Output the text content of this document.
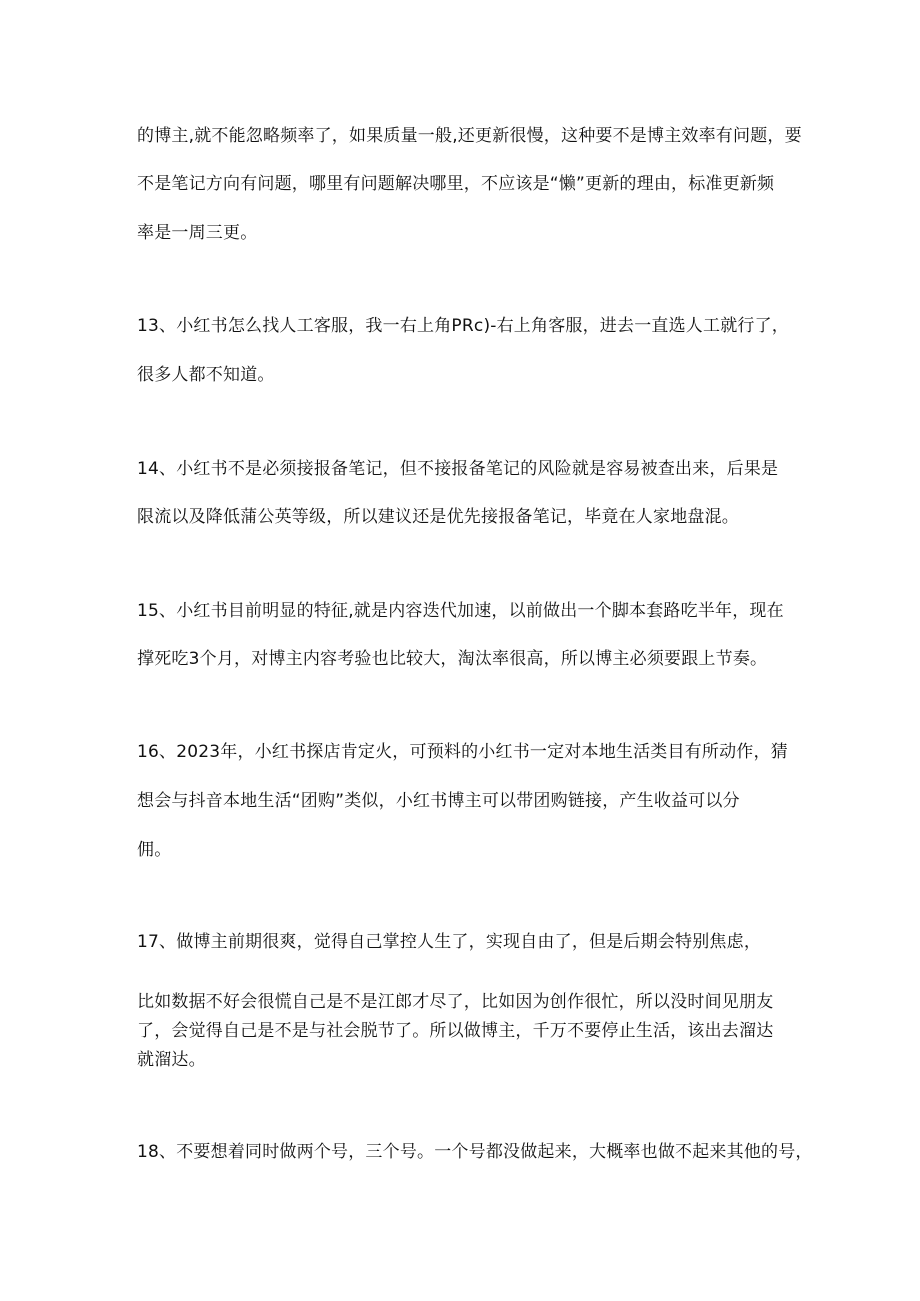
的博主,就不能忽略频率了，如果质量一般,还更新很慢，这种要不是博主效率有问题，要
不是笔记方向有问题，哪里有问题解决哪里，不应该是“懒”更新的理由，标准更新频
率是一周三更。
13、小红书怎么找人工客服，我一右上角PRc)-右上角客服，进去一直选人工就行了，
很多人都不知道。
14、小红书不是必须接报备笔记，但不接报备笔记的风险就是容易被查出来，后果是
限流以及降低蒲公英等级，所以建议还是优先接报备笔记，毕竟在人家地盘混。
15、小红书目前明显的特征,就是内容迭代加速，以前做出一个脚本套路吃半年，现在
撑死吃3个月，对博主内容考验也比较大，淘汰率很高，所以博主必须要跟上节奏。
16、2023年，小红书探店肯定火，可预料的小红书一定对本地生活类目有所动作，猜
想会与抖音本地生活“团购”类似，小红书博主可以带团购链接，产生收益可以分
佣。
17、做博主前期很爽，觉得自己掌控人生了，实现自由了，但是后期会特别焦虑，
比如数据不好会很慌自己是不是江郎才尽了，比如因为创作很忙，所以没时间见朋友
了，会觉得自己是不是与社会脱节了。所以做博主，千万不要停止生活，该出去溜达
就溜达。
18、不要想着同时做两个号，三个号。一个号都没做起来，大概率也做不起来其他的号，
